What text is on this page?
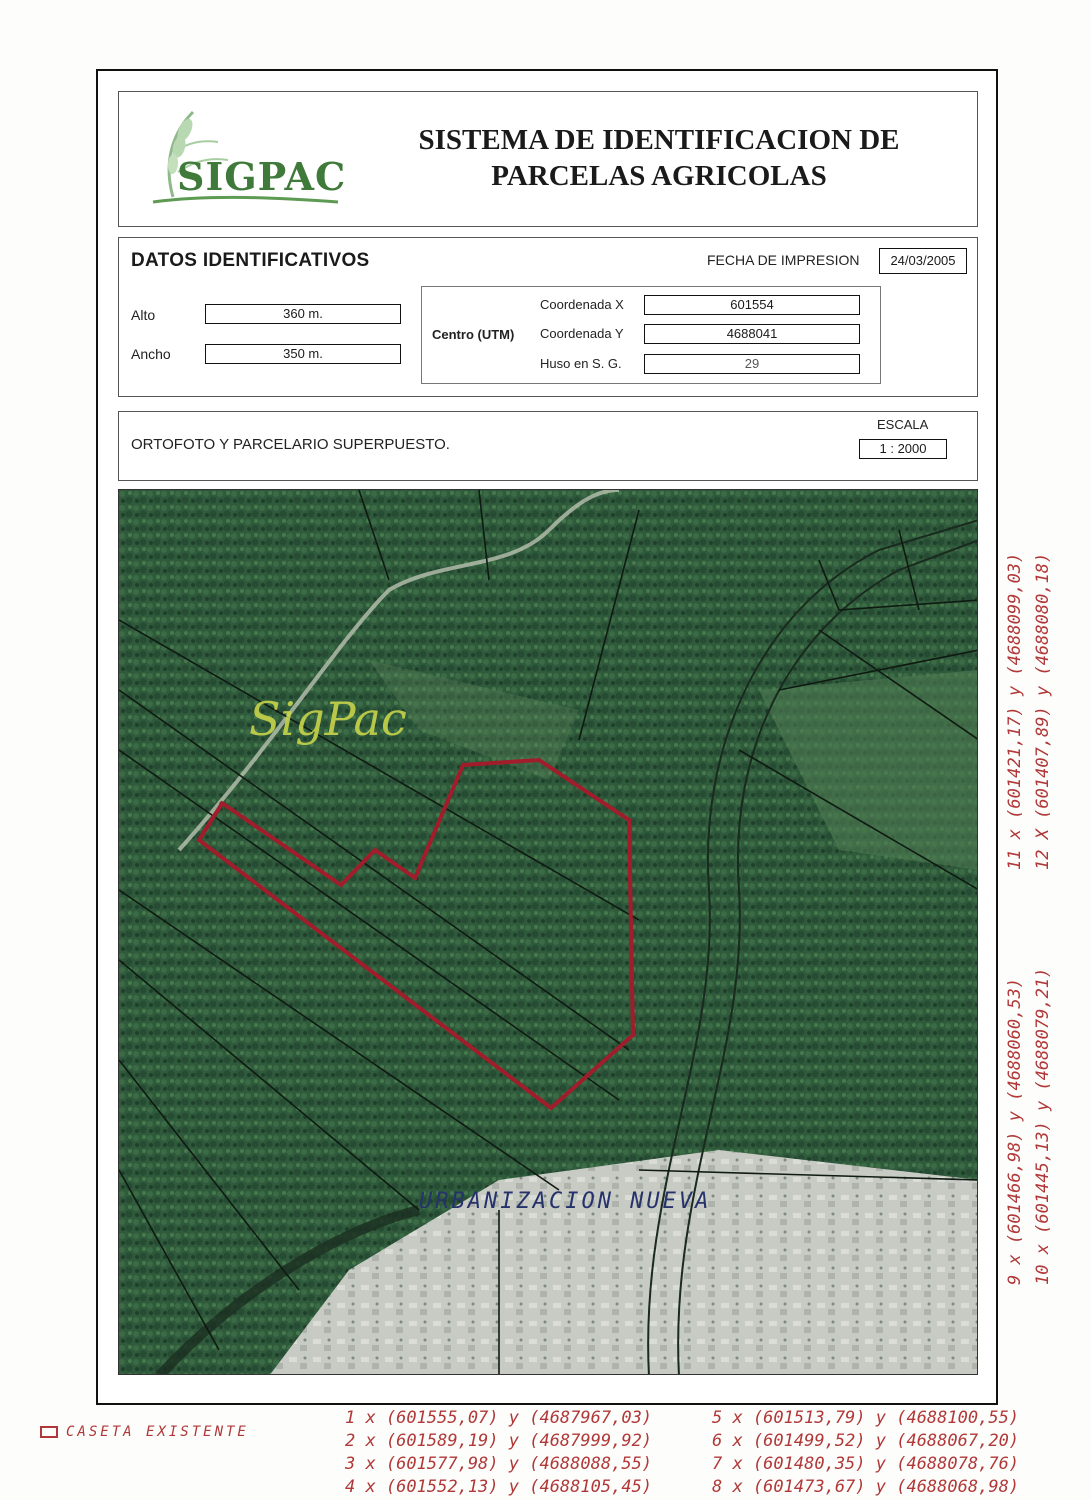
SIGPAC
SISTEMA DE IDENTIFICACION DE
PARCELAS AGRICOLAS
DATOS IDENTIFICATIVOS	FECHA DE IMPRESION	24/03/2005
Alto	360 m.
Ancho	350 m.
Centro (UTM)
Coordenada X	601554
Coordenada Y	4688041
Huso en S. G.	29
ORTOFOTO Y PARCELARIO SUPERPUESTO.
ESCALA
1 : 2000
SigPac
URBANIZACION NUEVA
11 x (601421,17) y (4688099,03) 12 X (601407,89) y (4688080,18)
9 x (601466,98) y (4688060,53) 10 x (601445,13) y (4688079,21)
CASETA EXISTENTE
1 x (601555,07) y (4687967,03)
2 x (601589,19) y (4687999,92)
3 x (601577,98) y (4688088,55)
4 x (601552,13) y (4688105,45)
5 x (601513,79) y (4688100,55)
6 x (601499,52) y (4688067,20)
7 x (601480,35) y (4688078,76)
8 x (601473,67) y (4688068,98)
